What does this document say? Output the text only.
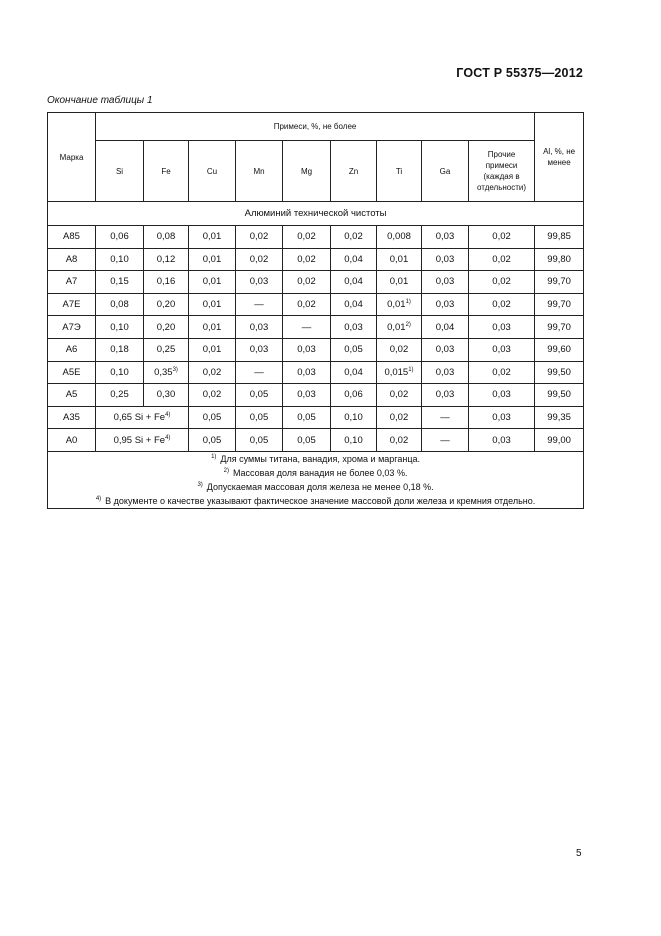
ГОСТ Р 55375—2012
Окончание таблицы 1
Марка	Примеси, %, не более									Al, %, не менее
	Si	Fe	Cu	Mn	Mg	Zn	Ti	Ga	Прочие примеси (каждая в отдельности)	
Алюминий технической чистоты										
А85	0,06	0,08	0,01	0,02	0,02	0,02	0,008	0,03	0,02	99,85
А8	0,10	0,12	0,01	0,02	0,02	0,04	0,01	0,03	0,02	99,80
А7	0,15	0,16	0,01	0,03	0,02	0,04	0,01	0,03	0,02	99,70
А7Е	0,08	0,20	0,01	—	0,02	0,04	0,01$^{1)}$	0,03	0,02	99,70
А7Э	0,10	0,20	0,01	0,03	—	0,03	0,01$^{2)}$	0,04	0,03	99,70
А6	0,18	0,25	0,01	0,03	0,03	0,05	0,02	0,03	0,03	99,60
А5Е	0,10	0,35$^{3)}$	0,02	—	0,03	0,04	0,015$^{1)}$	0,03	0,02	99,50
А5	0,25	0,30	0,02	0,05	0,03	0,06	0,02	0,03	0,03	99,50
А35	0,65 $Si + Fe^{4)}$		0,05	0,05	0,05	0,10	0,02	—	0,03	99,35
А0	0,95 $Si + Fe^{4)}$		0,05	0,05	0,05	0,10	0,02	—	0,03	99,00

$^{1)}$ Для суммы титана, ванадия, хрома и марганца.
$^{2)}$ Массовая доля ванадия не более 0,03 %.
$^{3)}$ Допускаемая массовая доля железа не менее 0,18 %.
$^{4)}$ В документе о качестве указывают фактическое значение массовой доли железа и кремния отдельно.										
5
